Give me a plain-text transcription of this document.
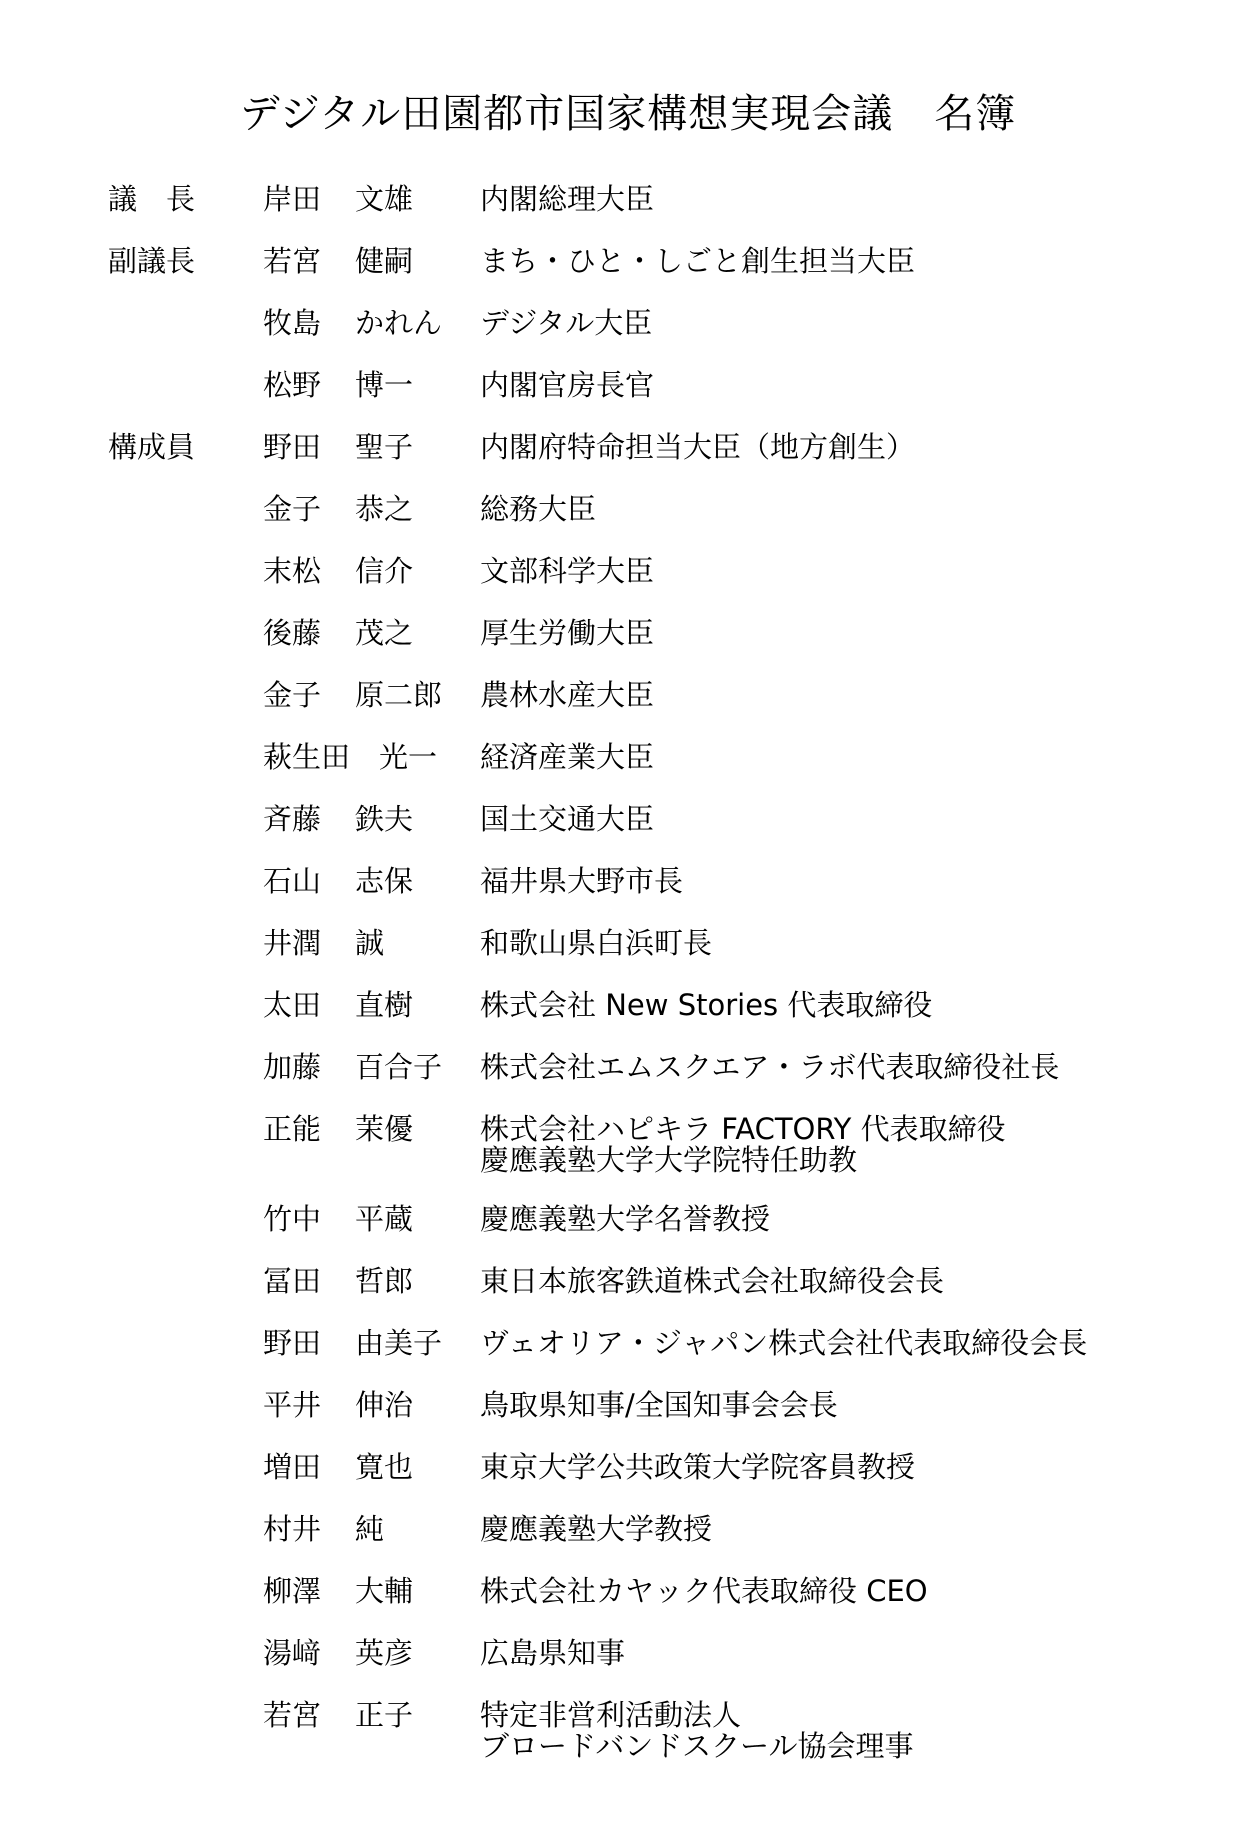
デジタル田園都市国家構想実現会議　名簿
議　長 岸田 文雄 内閣総理大臣
副議長 若宮 健嗣 まち・ひと・しごと創生担当大臣
牧島 かれん デジタル大臣
松野 博一 内閣官房長官
構成員 野田 聖子 内閣府特命担当大臣（地方創生）
金子 恭之 総務大臣
末松 信介 文部科学大臣
後藤 茂之 厚生労働大臣
金子 原二郎 農林水産大臣
萩生田　光一 経済産業大臣
斉藤 鉄夫 国土交通大臣
石山 志保 福井県大野市長
井潤 誠	和歌山県白浜町長
太田 直樹 株式会社 New Stories 代表取締役
加藤 百合子 株式会社エムスクエア・ラボ代表取締役社長
正能 茉優 株式会社ハピキラ FACTORY 代表取締役
慶應義塾大学大学院特任助教
竹中 平蔵 慶應義塾大学名誉教授
冨田 哲郎 東日本旅客鉄道株式会社取締役会長
野田 由美子 ヴェオリア・ジャパン株式会社代表取締役会長
平井 伸治 鳥取県知事/全国知事会会長
増田 寛也 東京大学公共政策大学院客員教授
村井 純	慶應義塾大学教授
柳澤 大輔 株式会社カヤック代表取締役 CEO
湯﨑 英彦 広島県知事
若宮 正子 特定非営利活動法人
ブロードバンドスクール協会理事
